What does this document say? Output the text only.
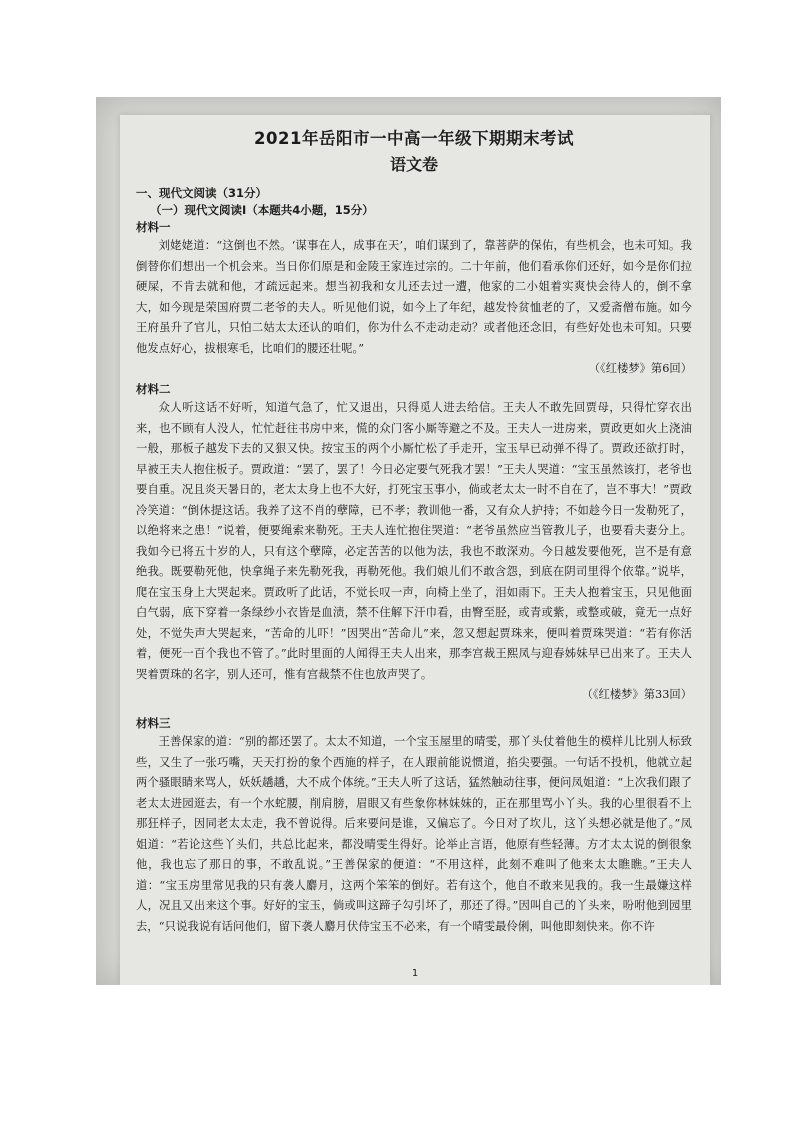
2021年岳阳市一中高一年级下期期末考试
语文卷
一、现代文阅读（31分）
（一）现代文阅读Ⅰ（本题共4小题，15分）
材料一

刘姥姥道：“这倒也不然。‘谋事在人，成事在天’，咱们谋到了，靠菩萨的保佑，有些机会，也未可知。我倒替你们想出一个机会来。当日你们原是和金陵王家连过宗的。二十年前，他们看承你们还好，如今是你们拉硬屎，不肯去就和他，才疏远起来。想当初我和女儿还去过一遭，他家的二小姐着实爽快会待人的，倒不拿大，如今现是荣国府贾二老爷的夫人。听见他们说，如今上了年纪，越发怜贫恤老的了，又爱斋僧布施。如今王府虽升了官儿，只怕二姑太太还认的咱们，你为什么不走动走动？或者他还念旧，有些好处也未可知。只要他发点好心，拔根寒毛，比咱们的腰还壮呢。”

（《红楼梦》第6回）
材料二

众人听这话不好听，知道气急了，忙又退出，只得觅人进去给信。王夫人不敢先回贾母，只得忙穿衣出来，也不顾有人没人，忙忙赶往书房中来，慌的众门客小厮等避之不及。王夫人一进房来，贾政更如火上浇油一般，那板子越发下去的又狠又快。按宝玉的两个小厮忙松了手走开，宝玉早已动弹不得了。贾政还欲打时，早被王夫人抱住板子。贾政道：“罢了，罢了！今日必定要气死我才罢！”王夫人哭道：“宝玉虽然该打，老爷也要自重。况且炎天暑日的，老太太身上也不大好，打死宝玉事小，倘或老太太一时不自在了，岂不事大！”贾政冷笑道：“倒休提这话。我养了这不肖的孽障，已不孝；教训他一番，又有众人护持；不如趁今日一发勒死了，以绝将来之患！”说着，便要绳索来勒死。王夫人连忙抱住哭道：“老爷虽然应当管教儿子，也要看夫妻分上。我如今已将五十岁的人，只有这个孽障，必定苦苦的以他为法，我也不敢深劝。今日越发要他死，岂不是有意绝我。既要勒死他，快拿绳子来先勒死我，再勒死他。我们娘儿们不敢含怨，到底在阴司里得个依靠。”说毕，爬在宝玉身上大哭起来。贾政听了此话，不觉长叹一声，向椅上坐了，泪如雨下。王夫人抱着宝玉，只见他面白气弱，底下穿着一条绿纱小衣皆是血渍，禁不住解下汗巾看，由臀至胫，或青或紫，或整或破，竟无一点好处，不觉失声大哭起来，“苦命的儿吓！”因哭出“苦命儿”来，忽又想起贾珠来，便叫着贾珠哭道：“若有你活着，便死一百个我也不管了。”此时里面的人闻得王夫人出来，那李宫裁王熙凤与迎春姊妹早已出来了。王夫人哭着贾珠的名字，别人还可，惟有宫裁禁不住也放声哭了。

（《红楼梦》第33回）
材料三

王善保家的道：“别的都还罢了。太太不知道，一个宝玉屋里的晴雯，那丫头仗着他生的模样儿比别人标致些，又生了一张巧嘴，天天打扮的象个西施的样子，在人跟前能说惯道，掐尖要强。一句话不投机，他就立起两个骚眼睛来骂人，妖妖趫趫，大不成个体统。”王夫人听了这话，猛然触动往事，便问凤姐道：“上次我们跟了老太太进园逛去，有一个水蛇腰，削肩膀，眉眼又有些象你林妹妹的，正在那里骂小丫头。我的心里很看不上那狂样子，因同老太太走，我不曾说得。后来要问是谁，又偏忘了。今日对了坎儿，这丫头想必就是他了。”凤姐道：“若论这些丫头们，共总比起来，都没晴雯生得好。论举止言语，他原有些轻薄。方才太太说的倒很象他，我也忘了那日的事，不敢乱说。”王善保家的便道：“不用这样，此刻不难叫了他来太太瞧瞧。”王夫人道：“宝玉房里常见我的只有袭人麝月，这两个笨笨的倒好。若有这个，他自不敢来见我的。我一生最嫌这样人，况且又出来这个事。好好的宝玉，倘或叫这蹄子勾引坏了，那还了得。”因叫自己的丫头来，吩咐他到园里去，“只说我说有话问他们，留下袭人麝月伏侍宝玉不必来，有一个晴雯最伶俐，叫他即刻快来。你不许

1
